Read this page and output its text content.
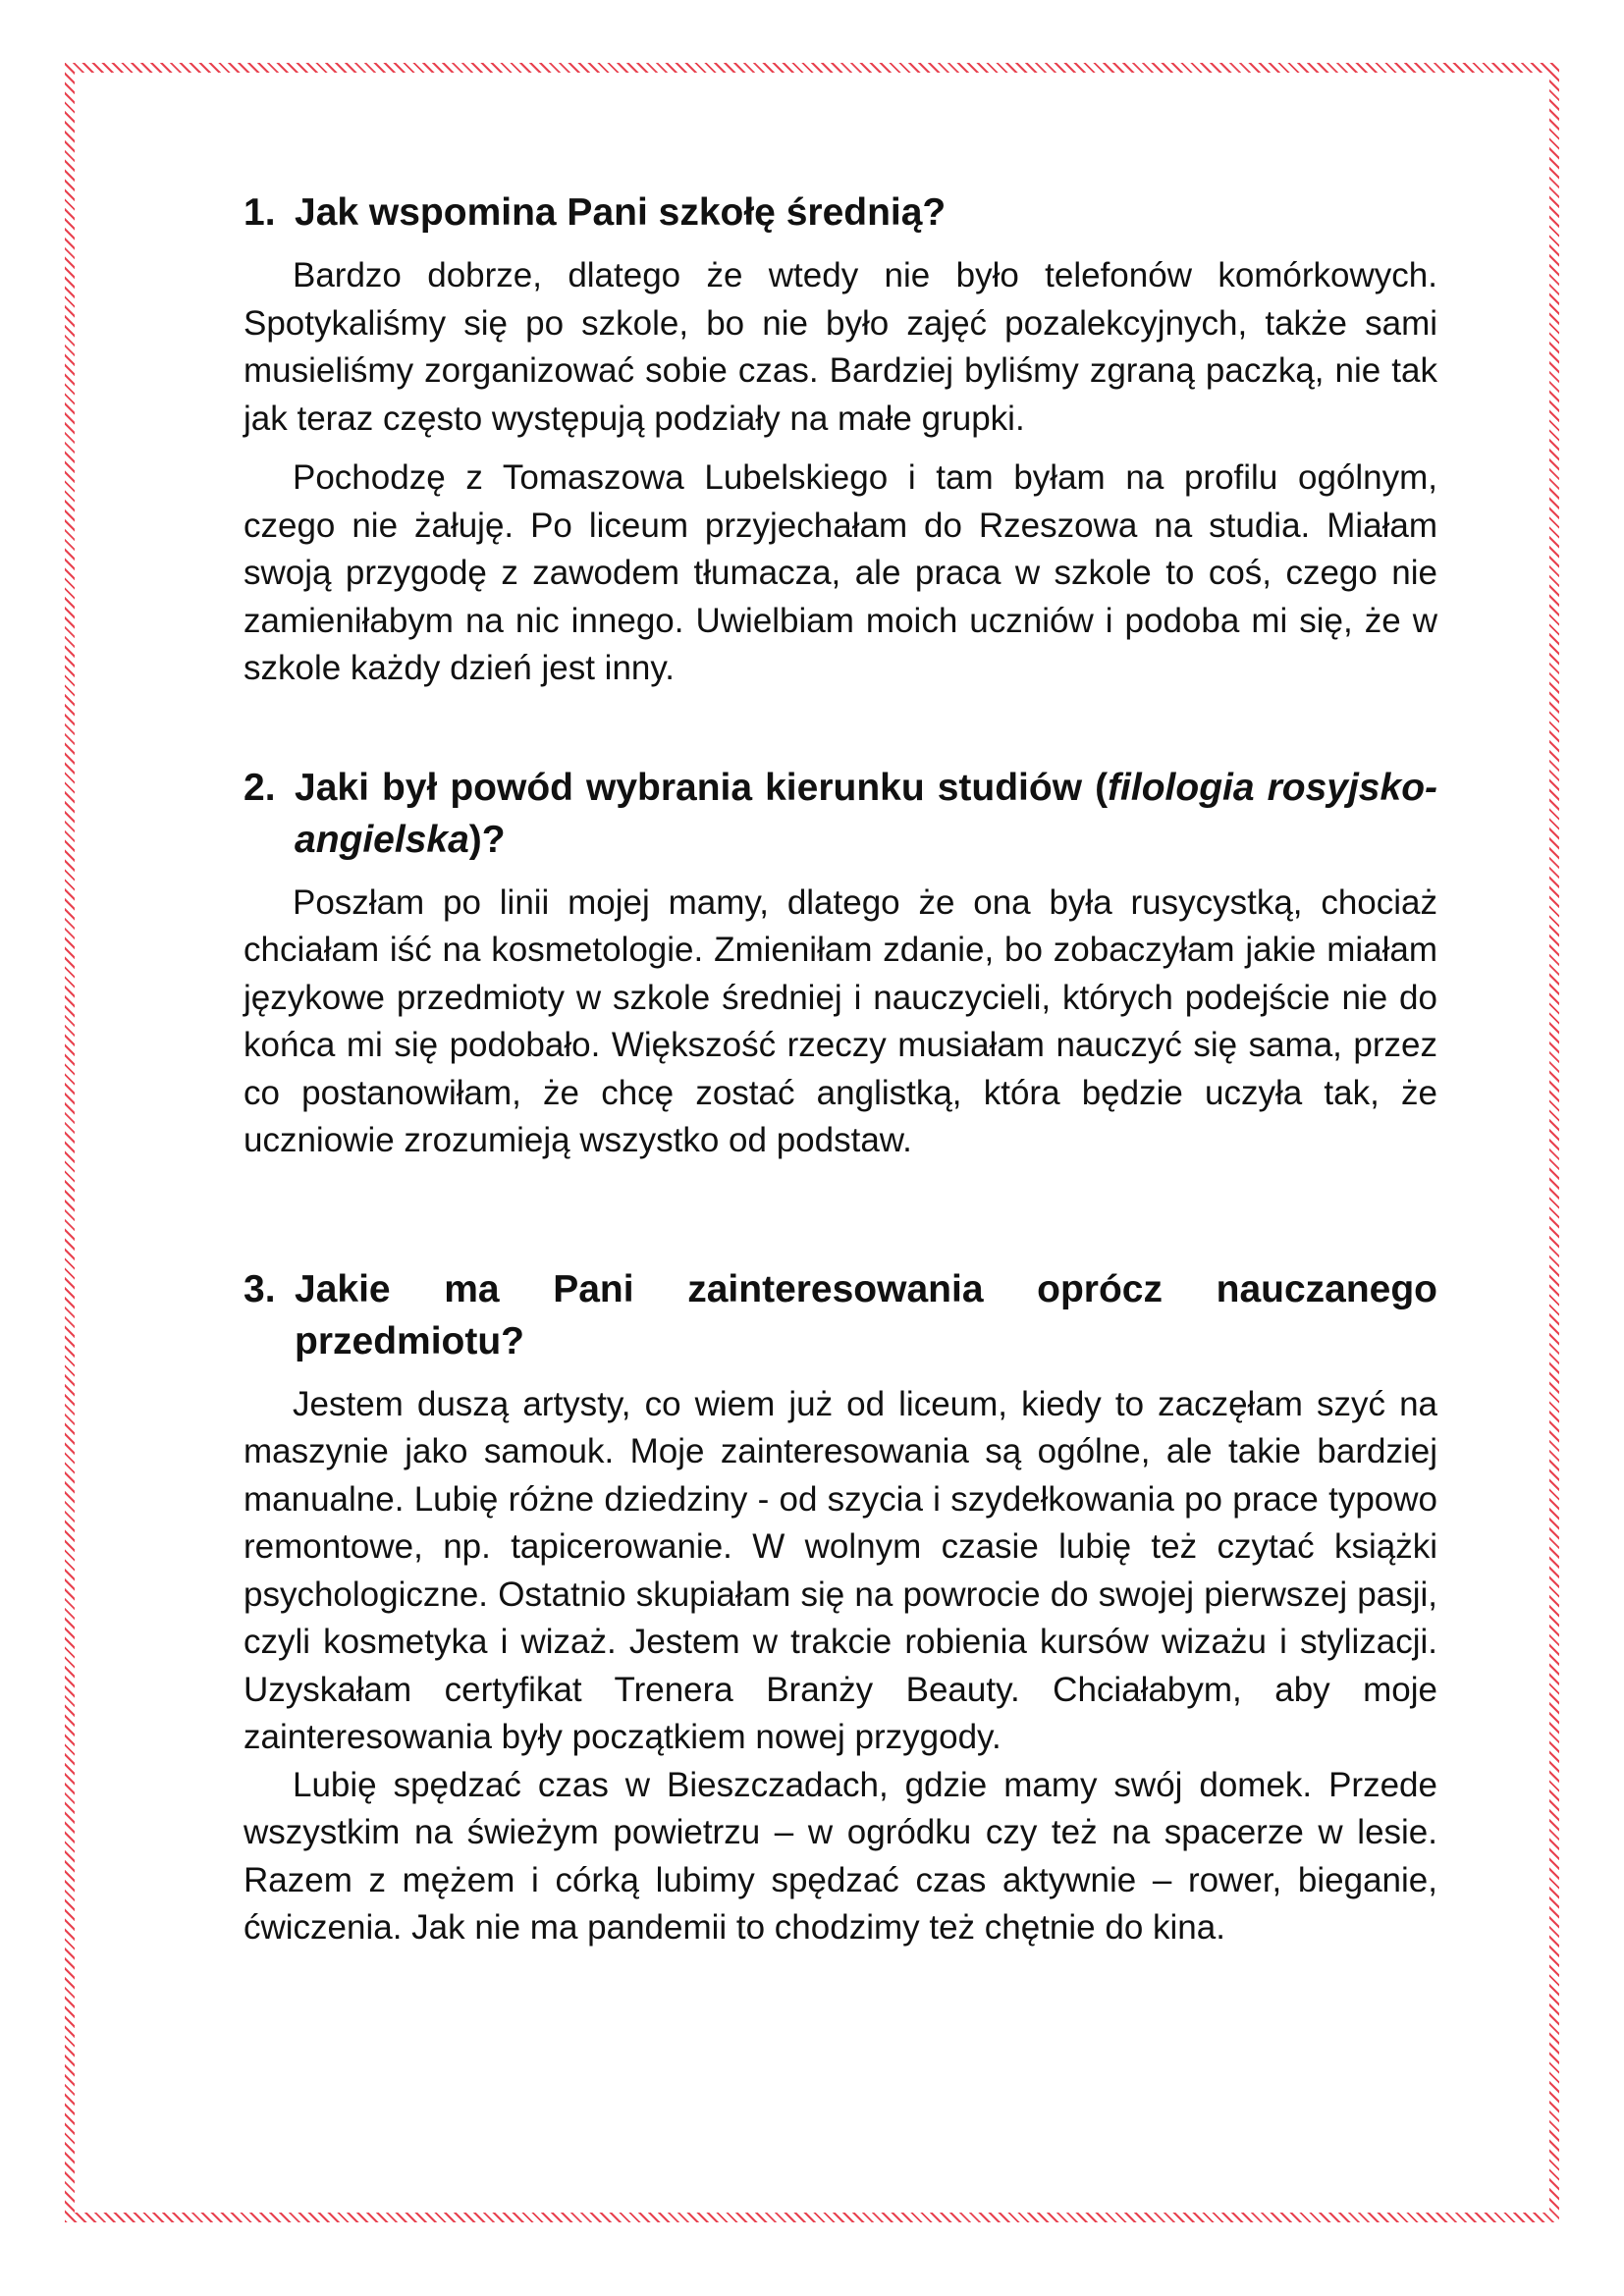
1. Jak wspomina Pani szkołę średnią?

Bardzo dobrze, dlatego że wtedy nie było telefonów komórkowych. Spotykaliśmy się po szkole, bo nie było zajęć pozalekcyjnych, także sami musieliśmy zorganizować sobie czas. Bardziej byliśmy zgraną paczką, nie tak jak teraz często występują podziały na małe grupki.

Pochodzę z Tomaszowa Lubelskiego i tam byłam na profilu ogólnym, czego nie żałuję. Po liceum przyjechałam do Rzeszowa na studia. Miałam swoją przygodę z zawodem tłumacza, ale praca w szkole to coś, czego nie zamieniłabym na nic innego. Uwielbiam moich uczniów i podoba mi się, że w szkole każdy dzień jest inny.

2. Jaki był powód wybrania kierunku studiów (filologia rosyjsko-angielska)?

Poszłam po linii mojej mamy, dlatego że ona była rusycystką, chociaż chciałam iść na kosmetologie. Zmieniłam zdanie, bo zobaczyłam jakie miałam językowe przedmioty w szkole średniej i nauczycieli, których podejście nie do końca mi się podobało. Większość rzeczy musiałam nauczyć się sama, przez co postanowiłam, że chcę zostać anglistką, która będzie uczyła tak, że uczniowie zrozumieją wszystko od podstaw.

3. Jakie ma Pani zainteresowania oprócz nauczanego przedmiotu?

Jestem duszą artysty, co wiem już od liceum, kiedy to zaczęłam szyć na maszynie jako samouk. Moje zainteresowania są ogólne, ale takie bardziej manualne. Lubię różne dziedziny - od szycia i szydełkowania po prace typowo remontowe, np. tapicerowanie. W wolnym czasie lubię też czytać książki psychologiczne. Ostatnio skupiałam się na powrocie do swojej pierwszej pasji, czyli kosmetyka i wizaż. Jestem w trakcie robienia kursów wizażu i stylizacji. Uzyskałam certyfikat Trenera Branży Beauty. Chciałabym, aby moje zainteresowania były początkiem nowej przygody.

Lubię spędzać czas w Bieszczadach, gdzie mamy swój domek. Przede wszystkim na świeżym powietrzu – w ogródku czy też na spacerze w lesie. Razem z mężem i córką lubimy spędzać czas aktywnie – rower, bieganie, ćwiczenia. Jak nie ma pandemii to chodzimy też chętnie do kina.
